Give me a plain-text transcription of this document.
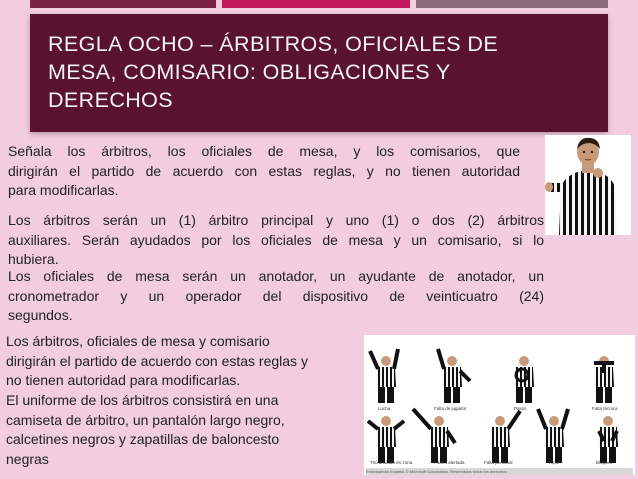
REGLA OCHO – ÁRBITROS, OFICIALES DE
MESA, COMISARIO: OBLIGACIONES Y
DERECHOS

Señala los árbitros, los oficiales de mesa, y los comisarios, que
dirigirán el partido de acuerdo con estas reglas, y no tienen autoridad
para modificarlas.

Los árbitros serán un (1) árbitro principal y uno (1) o dos (2) árbitros
auxiliares. Serán ayudados por los oficiales de mesa y un comisario, si lo
hubiera.

Los oficiales de mesa serán un anotador, un ayudante de anotador, un
cronometrador y un operador del dispositivo de veinticuatro (24)
segundos.

Los árbitros, oficiales de mesa y comisario
dirigirán el partido de acuerdo con estas reglas y
no tienen autoridad para modificarlas.

El uniforme de los árbitros consistirá en una
camiseta de árbitro, un pantalón largo negro,
calcetines negros y zapatillas de baloncesto
negras

Lucha	Falta de jugador	Pasos	Falta técnica
Tiro anulado en zona	Partes alertada	Falta personal	Triple	Bloqueo
Enciclopedia Encarta. © Microsoft Corporation. Reservados todos los derechos.
